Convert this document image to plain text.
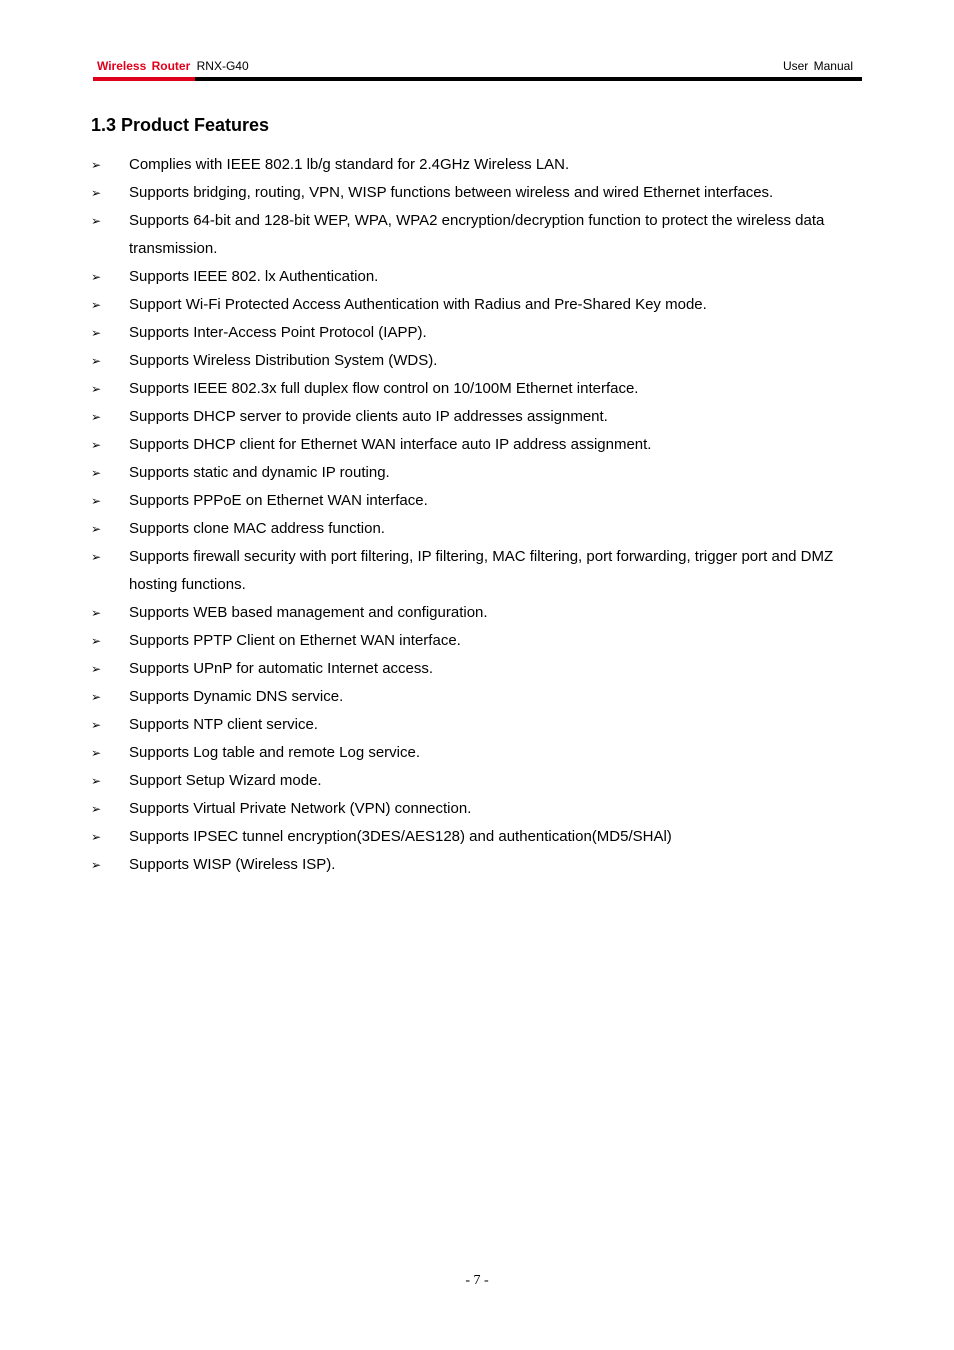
Wireless Router RNX-G40	User Manual
1.3 Product Features
➢ Complies with IEEE 802.1 lb/g standard for 2.4GHz Wireless LAN.
➢ Supports bridging, routing, VPN, WISP functions between wireless and wired Ethernet interfaces.
➢ Supports 64-bit and 128-bit WEP, WPA, WPA2 encryption/decryption function to protect the wireless data transmission.
➢ Supports IEEE 802. lx Authentication.
➢ Support Wi-Fi Protected Access Authentication with Radius and Pre-Shared Key mode.
➢ Supports Inter-Access Point Protocol (IAPP).
➢ Supports Wireless Distribution System (WDS).
➢ Supports IEEE 802.3x full duplex flow control on 10/100M Ethernet interface.
➢ Supports DHCP server to provide clients auto IP addresses assignment.
➢ Supports DHCP client for Ethernet WAN interface auto IP address assignment.
➢ Supports static and dynamic IP routing.
➢ Supports PPPoE on Ethernet WAN interface.
➢ Supports clone MAC address function.
➢ Supports firewall security with port filtering, IP filtering, MAC filtering, port forwarding, trigger port and DMZ hosting functions.
➢ Supports WEB based management and configuration.
➢ Supports PPTP Client on Ethernet WAN interface.
➢ Supports UPnP for automatic Internet access.
➢ Supports Dynamic DNS service.
➢ Supports NTP client service.
➢ Supports Log table and remote Log service.
➢ Support Setup Wizard mode.
➢ Supports Virtual Private Network (VPN) connection.
➢ Supports IPSEC tunnel encryption(3DES/AES128) and authentication(MD5/SHAl)
➢ Supports WISP (Wireless ISP).
- 7 -
